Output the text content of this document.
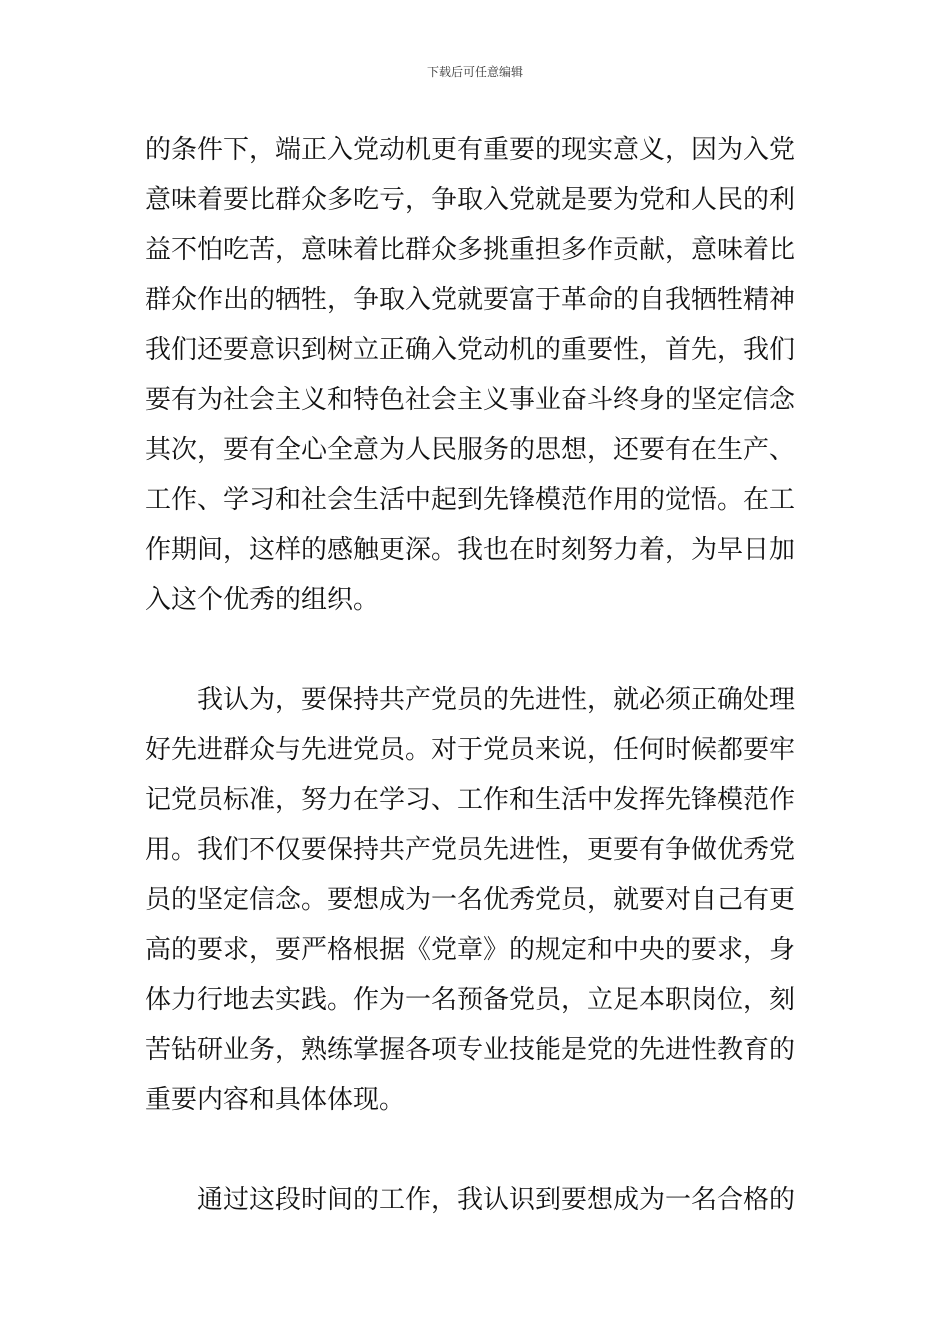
下载后可任意编辑
的条件下，端正入党动机更有重要的现实意义，因为入党
意味着要比群众多吃亏，争取入党就是要为党和人民的利
益不怕吃苦，意味着比群众多挑重担多作贡献，意味着比
群众作出的牺牲，争取入党就要富于革命的自我牺牲精神
我们还要意识到树立正确入党动机的重要性，首先，我们
要有为社会主义和特色社会主义事业奋斗终身的坚定信念
其次，要有全心全意为人民服务的思想，还要有在生产、
工作、学习和社会生活中起到先锋模范作用的觉悟。在工
作期间，这样的感触更深。我也在时刻努力着，为早日加
入这个优秀的组织。
　　我认为，要保持共产党员的先进性，就必须正确处理
好先进群众与先进党员。对于党员来说，任何时候都要牢
记党员标准，努力在学习、工作和生活中发挥先锋模范作
用。我们不仅要保持共产党员先进性，更要有争做优秀党
员的坚定信念。要想成为一名优秀党员，就要对自己有更
高的要求，要严格根据《党章》的规定和中央的要求，身
体力行地去实践。作为一名预备党员，立足本职岗位，刻
苦钻研业务，熟练掌握各项专业技能是党的先进性教育的
重要内容和具体体现。
　　通过这段时间的工作，我认识到要想成为一名合格的
